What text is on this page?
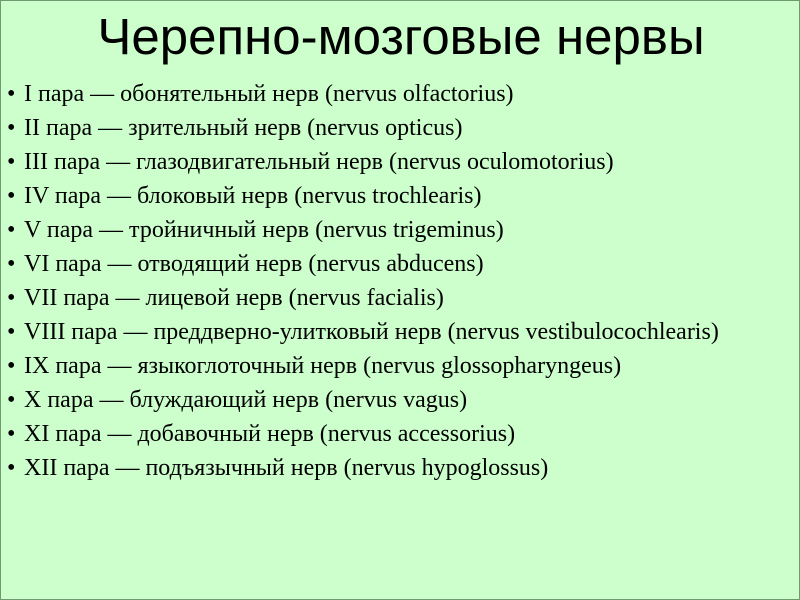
Черепно-мозговые нервы
• I пара — обонятельный нерв (nervus olfactorius)
• II пара — зрительный нерв (nervus opticus)
• III пара — глазодвигательный нерв (nervus oculomotorius)
• IV пара — блоковый нерв (nervus trochlearis)
• V пара — тройничный нерв (nervus trigeminus)
• VI пара — отводящий нерв (nervus abducens)
• VII пара — лицевой нерв (nervus facialis)
• VIII пара — преддверно-улитковый нерв (nervus vestibulocochlearis)
• IX пара — языкоглоточный нерв (nervus glossopharyngeus)
• X пара — блуждающий нерв (nervus vagus)
• XI пара — добавочный нерв (nervus accessorius)
• XII пара — подъязычный нерв (nervus hypoglossus)
